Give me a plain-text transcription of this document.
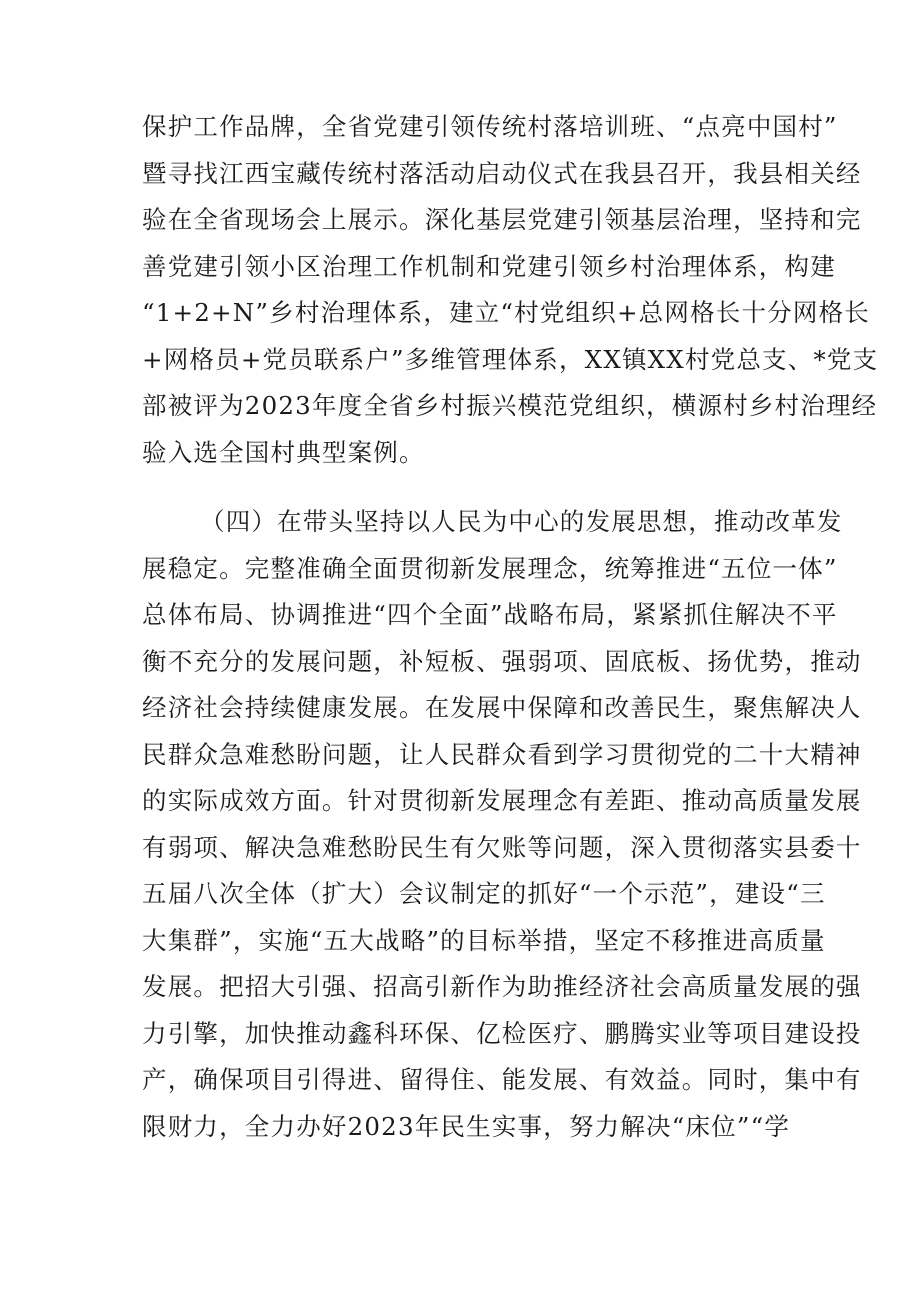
保护工作品牌，全省党建引领传统村落培训班、“点亮中国村”
暨寻找江西宝藏传统村落活动启动仪式在我县召开，我县相关经
验在全省现场会上展示。深化基层党建引领基层治理，坚持和完
善党建引领小区治理工作机制和党建引领乡村治理体系，构建
“1+2+N”乡村治理体系，建立“村党组织+总网格长十分网格长
+网格员+党员联系户”多维管理体系，XX镇XX村党总支、*党支
部被评为2023年度全省乡村振兴模范党组织，横源村乡村治理经
验入选全国村典型案例。
（四）在带头坚持以人民为中心的发展思想，推动改革发
展稳定。完整准确全面贯彻新发展理念，统筹推进“五位一体”
总体布局、协调推进“四个全面”战略布局，紧紧抓住解决不平
衡不充分的发展问题，补短板、强弱项、固底板、扬优势，推动
经济社会持续健康发展。在发展中保障和改善民生，聚焦解决人
民群众急难愁盼问题，让人民群众看到学习贯彻党的二十大精神
的实际成效方面。针对贯彻新发展理念有差距、推动高质量发展
有弱项、解决急难愁盼民生有欠账等问题，深入贯彻落实县委十
五届八次全体（扩大）会议制定的抓好“一个示范”，建设“三
大集群”，实施“五大战略”的目标举措，坚定不移推进高质量
发展。把招大引强、招高引新作为助推经济社会高质量发展的强
力引擎，加快推动鑫科环保、亿检医疗、鹏腾实业等项目建设投
产，确保项目引得进、留得住、能发展、有效益。同时，集中有
限财力，全力办好2023年民生实事，努力解决“床位”“学
